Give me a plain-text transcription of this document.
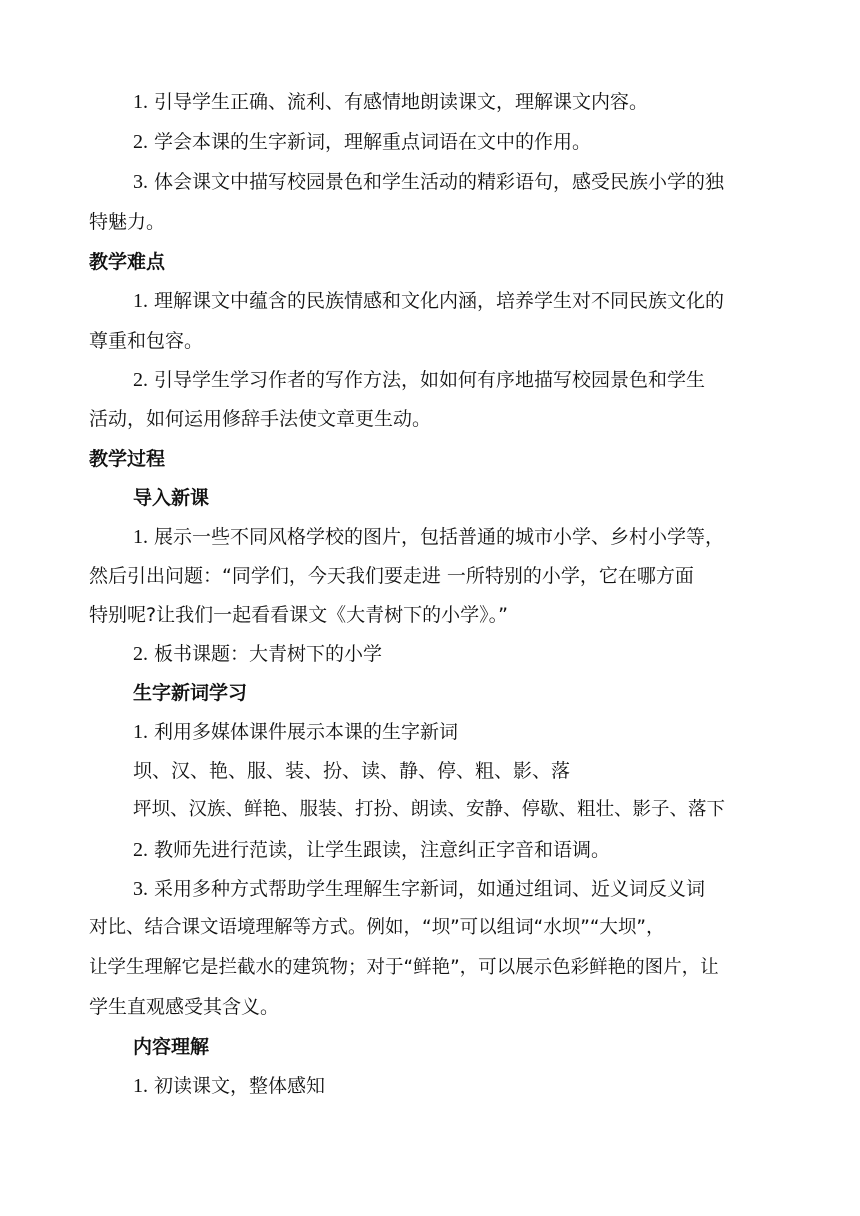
1. 引导学生正确、流利、有感情地朗读课文，理解课文内容。

2. 学会本课的生字新词，理解重点词语在文中的作用。

3. 体会课文中描写校园景色和学生活动的精彩语句，感受民族小学的独

特魅力。

教学难点

1. 理解课文中蕴含的民族情感和文化内涵，培养学生对不同民族文化的

尊重和包容。

2. 引导学生学习作者的写作方法，如如何有序地描写校园景色和学生

活动，如何运用修辞手法使文章更生动。

教学过程

导入新课

1. 展示一些不同风格学校的图片，包括普通的城市小学、乡村小学等，

然后引出问题：“同学们，今天我们要走进 一所特别的小学，它在哪方面

特别呢?让我们一起看看课文《大青树下的小学》。”

2. 板书课题：大青树下的小学

生字新词学习

1. 利用多媒体课件展示本课的生字新词

坝、汉、艳、服、装、扮、读、静、停、粗、影、落

坪坝、汉族、鲜艳、服装、打扮、朗读、安静、停歇、粗壮、影子、落下

2. 教师先进行范读，让学生跟读，注意纠正字音和语调。

3. 采用多种方式帮助学生理解生字新词，如通过组词、近义词反义词

对比、结合课文语境理解等方式。例如，“坝”可以组词“水坝”“大坝”，

让学生理解它是拦截水的建筑物；对于“鲜艳”，可以展示色彩鲜艳的图片，让

学生直观感受其含义。

内容理解

1. 初读课文，整体感知
